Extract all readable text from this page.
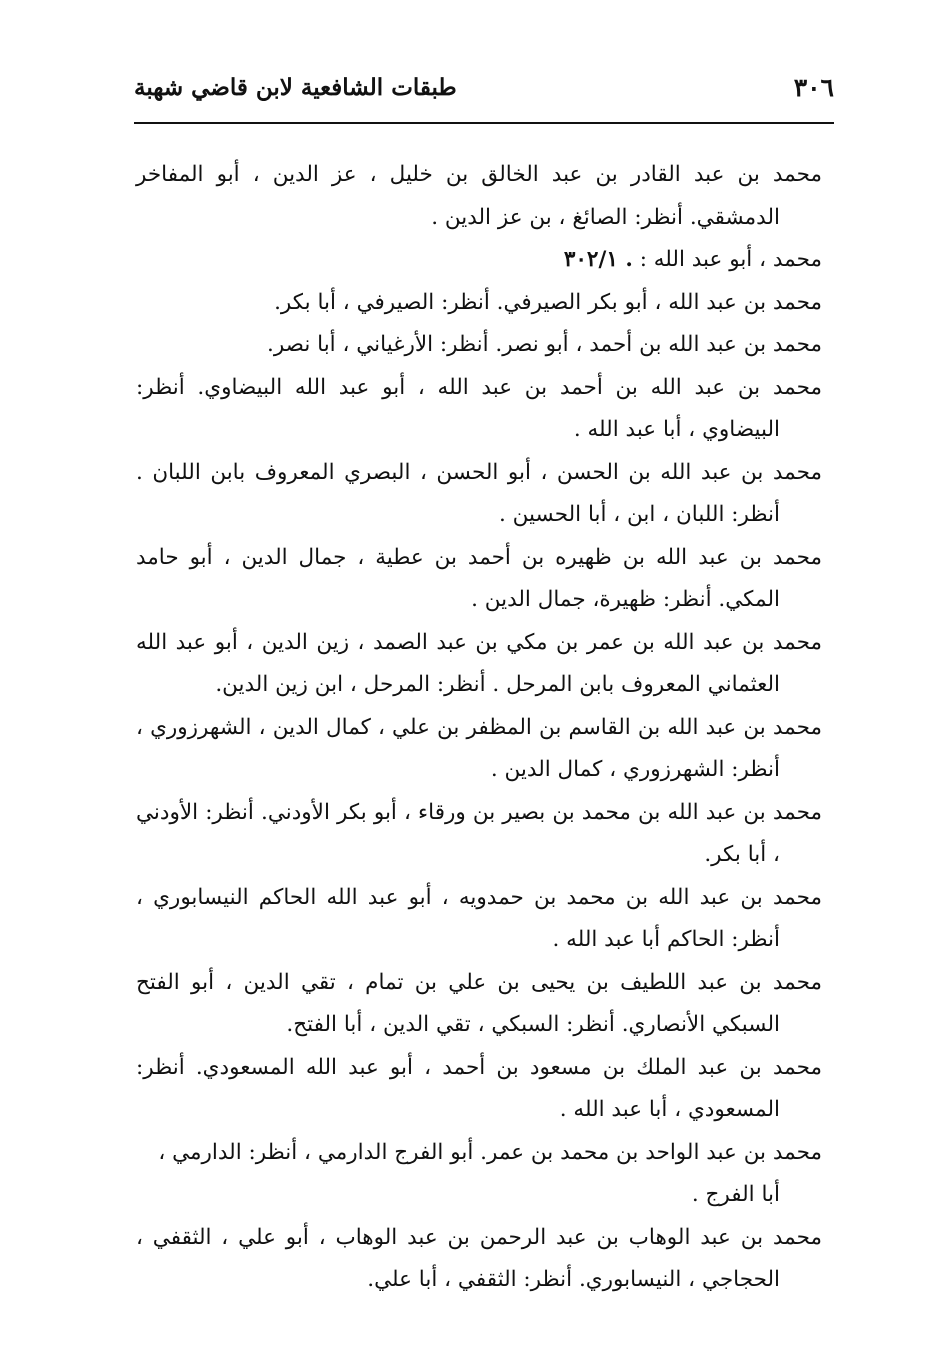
٣٠٦
طبقات الشافعية لابن قاضي شهبة

محمد بن عبد القادر بن عبد الخالق بن خليل ، عز الدين ، أبو المفاخر الدمشقي. أنظر: الصائغ ، بن عز الدين .

محمد ، أبو عبد الله : ٣٠٢/١ .

محمد بن عبد الله ، أبو بكر الصيرفي. أنظر: الصيرفي ، أبا بكر.

محمد بن عبد الله بن أحمد ، أبو نصر. أنظر: الأرغياني ، أبا نصر.

محمد بن عبد الله بن أحمد بن عبد الله ، أبو عبد الله البيضاوي. أنظر: البيضاوي ، أبا عبد الله .

محمد بن عبد الله بن الحسن ، أبو الحسن ، البصري المعروف بابن اللبان . أنظر: اللبان ، ابن ، أبا الحسين .

محمد بن عبد الله بن ظهيره بن أحمد بن عطية ، جمال الدين ، أبو حامد المكي. أنظر: ظهيرة، جمال الدين .

محمد بن عبد الله بن عمر بن مكي بن عبد الصمد ، زين الدين ، أبو عبد الله العثماني المعروف بابن المرحل . أنظر: المرحل ، ابن زين الدين.

محمد بن عبد الله بن القاسم بن المظفر بن علي ، كمال الدين ، الشهرزوري ، أنظر: الشهرزوري ، كمال الدين .

محمد بن عبد الله بن محمد بن بصير بن ورقاء ، أبو بكر الأودني. أنظر: الأودني ، أبا بكر.

محمد بن عبد الله بن محمد بن حمدويه ، أبو عبد الله الحاكم النيسابوري ، أنظر: الحاكم أبا عبد الله .

محمد بن عبد اللطيف بن يحيى بن علي بن تمام ، تقي الدين ، أبو الفتح السبكي الأنصاري. أنظر: السبكي ، تقي الدين ، أبا الفتح.

محمد بن عبد الملك بن مسعود بن أحمد ، أبو عبد الله المسعودي. أنظر: المسعودي ، أبا عبد الله .

محمد بن عبد الواحد بن محمد بن عمر. أبو الفرج الدارمي ، أنظر: الدارمي ، أبا الفرج .

محمد بن عبد الوهاب بن عبد الرحمن بن عبد الوهاب ، أبو علي ، الثقفي ، الحجاجي ، النيسابوري. أنظر: الثقفي ، أبا علي.
